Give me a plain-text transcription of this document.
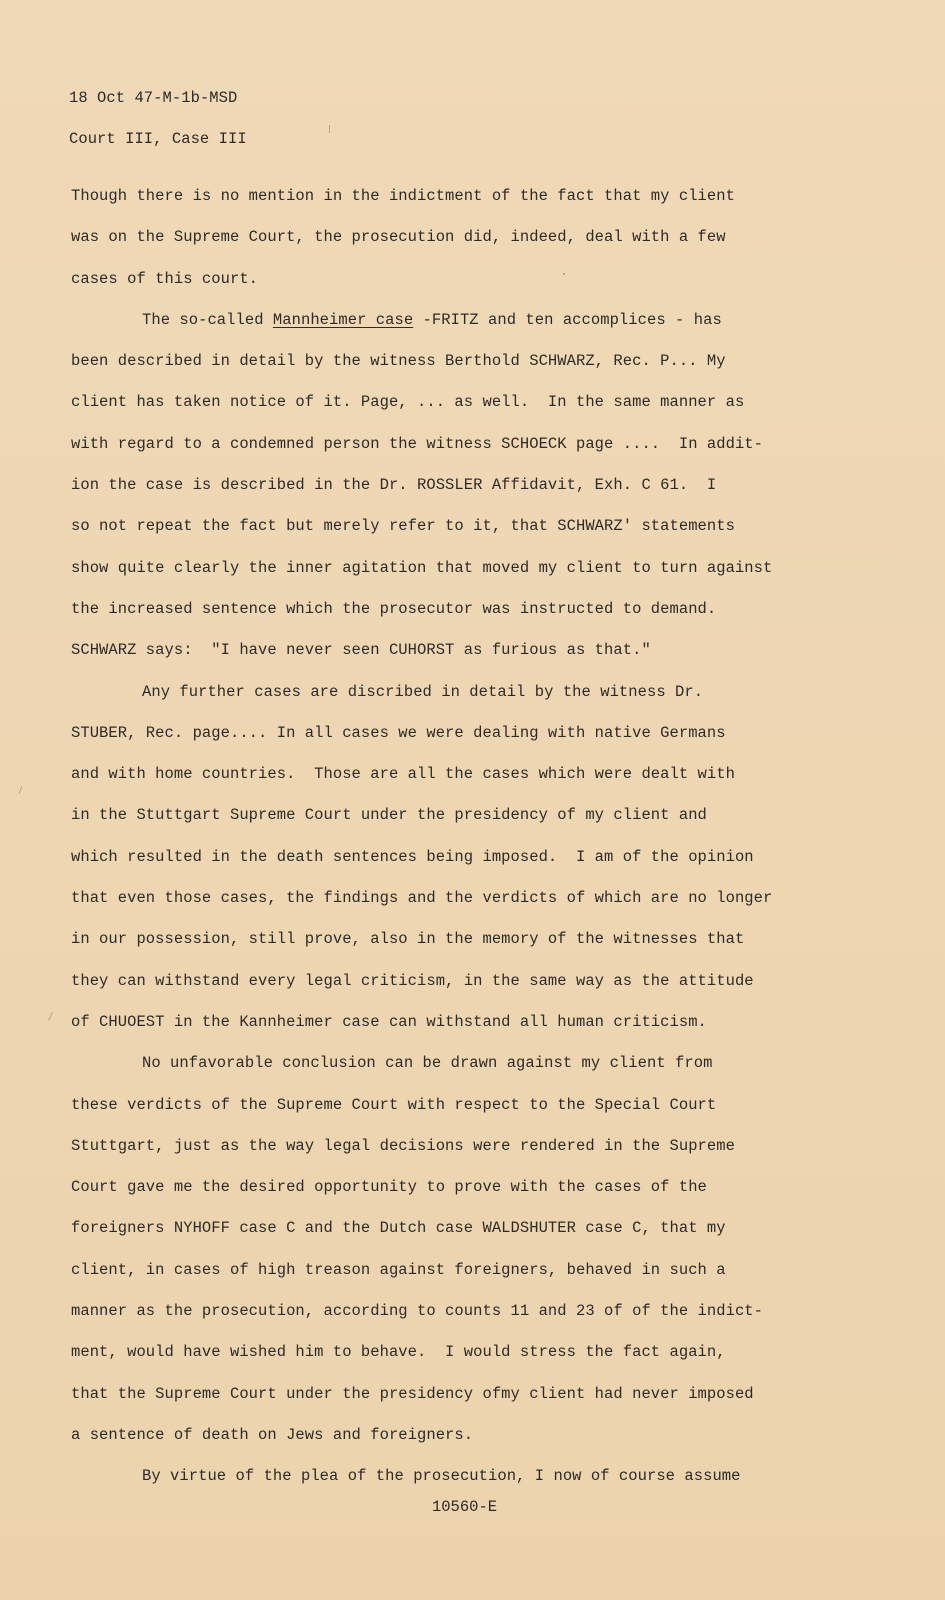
18 Oct 47-M-1b-MSD
Court III, Case III
Though there is no mention in the indictment of the fact that my client
was on the Supreme Court, the prosecution did, indeed, deal with a few
cases of this court.
The so-called Mannheimer case -FRITZ and ten accomplices - has
been described in detail by the witness Berthold SCHWARZ, Rec. P... My
client has taken notice of it. Page, ... as well.  In the same manner as
with regard to a condemned person the witness SCHOECK page ....  In addit-
ion the case is described in the Dr. ROSSLER Affidavit, Exh. C 61.  I
so not repeat the fact but merely refer to it, that SCHWARZ' statements
show quite clearly the inner agitation that moved my client to turn against
the increased sentence which the prosecutor was instructed to demand.
SCHWARZ says:  "I have never seen CUHORST as furious as that."
Any further cases are discribed in detail by the witness Dr.
STUBER, Rec. page.... In all cases we were dealing with native Germans
and with home countries.  Those are all the cases which were dealt with
in the Stuttgart Supreme Court under the presidency of my client and
which resulted in the death sentences being imposed.  I am of the opinion
that even those cases, the findings and the verdicts of which are no longer
in our possession, still prove, also in the memory of the witnesses that
they can withstand every legal criticism, in the same way as the attitude
of CHUOEST in the Kannheimer case can withstand all human criticism.
No unfavorable conclusion can be drawn against my client from
these verdicts of the Supreme Court with respect to the Special Court
Stuttgart, just as the way legal decisions were rendered in the Supreme
Court gave me the desired opportunity to prove with the cases of the
foreigners NYHOFF case C and the Dutch case WALDSHUTER case C, that my
client, in cases of high treason against foreigners, behaved in such a
manner as the prosecution, according to counts 11 and 23 of of the indict-
ment, would have wished him to behave.  I would stress the fact again,
that the Supreme Court under the presidency ofmy client had never imposed
a sentence of death on Jews and foreigners.
By virtue of the plea of the prosecution, I now of course assume
10560-E
